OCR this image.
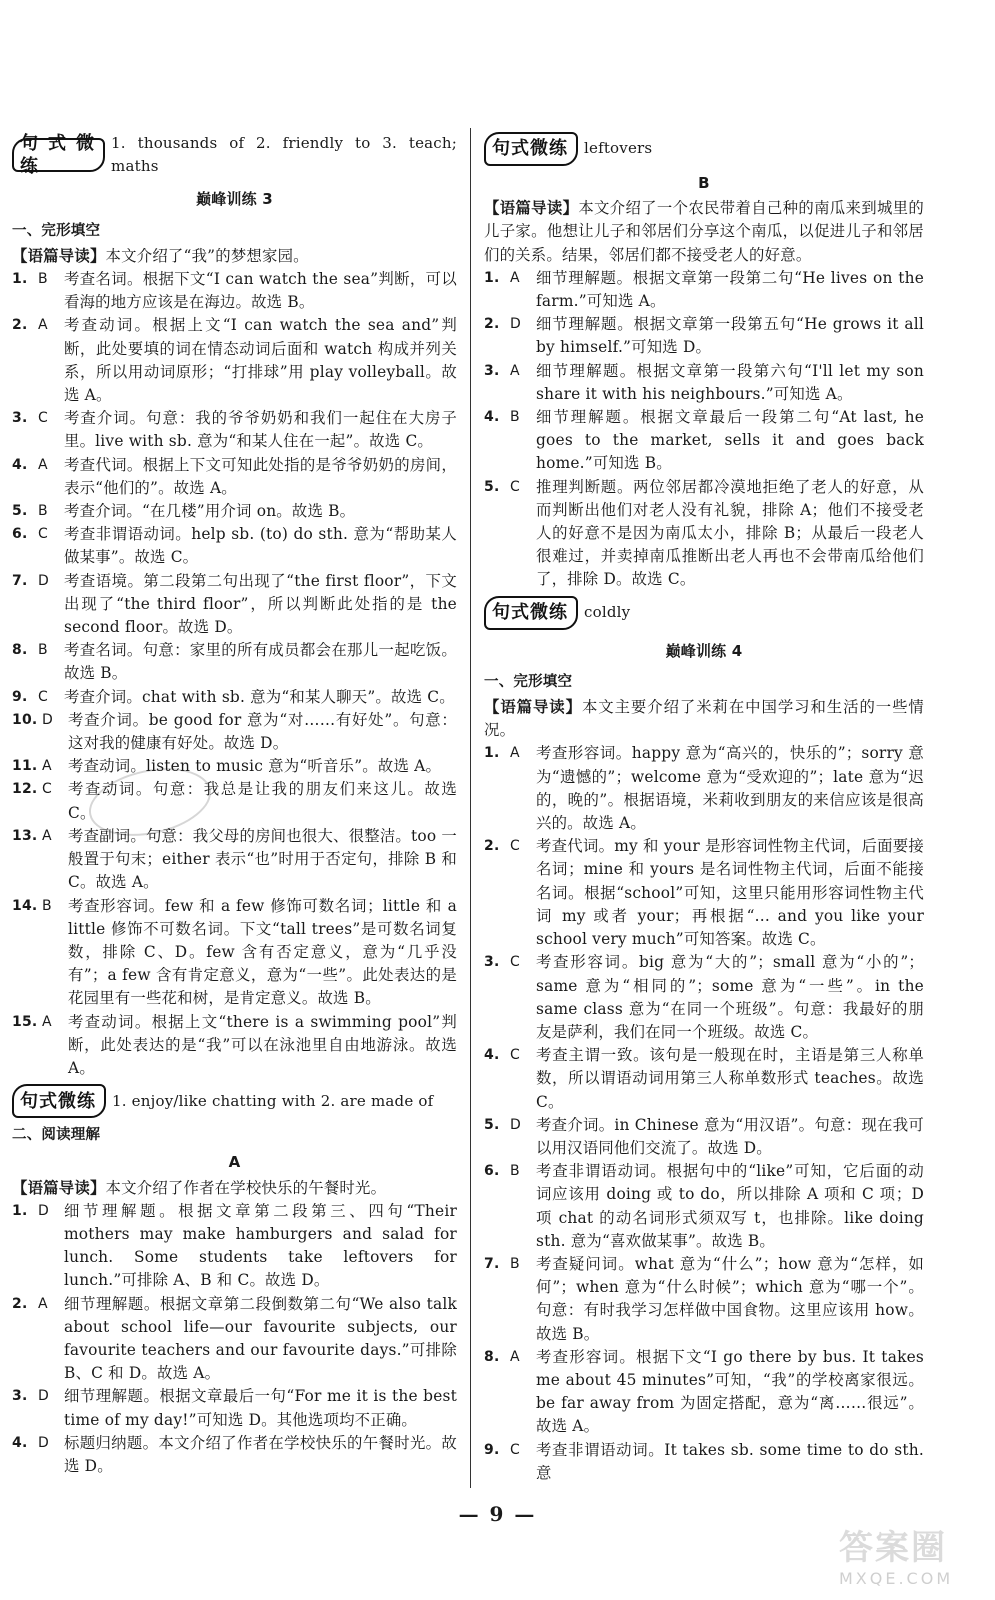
句式微练
1. thousands of 2. friendly to 3. teach; maths
巅峰训练 3
一、完形填空
【语篇导读】本文介绍了“我”的梦想家园。
1. B	考查名词。根据下文“I can watch the sea”判断，可以看海的地方应该是在海边。故选 B。
2. A	考查动词。根据上文“I can watch the sea and”判断，此处要填的词在情态动词后面和 watch 构成并列关系，所以用动词原形；“打排球”用 play volleyball。故选 A。
3. C	考查介词。句意：我的爷爷奶奶和我们一起住在大房子里。live with sb. 意为“和某人住在一起”。故选 C。
4. A	考查代词。根据上下文可知此处指的是爷爷奶奶的房间，表示“他们的”。故选 A。
5. B	考查介词。“在几楼”用介词 on。故选 B。
6. C	考查非谓语动词。help sb. (to) do sth. 意为“帮助某人做某事”。故选 C。
7. D 考查语境。第二段第二句出现了“the first floor”，下文出现了“the third floor”，所以判断此处指的是 the second floor。故选 D。
8. B	考查名词。句意：家里的所有成员都会在那儿一起吃饭。故选 B。
9. C	考查介词。chat with sb. 意为“和某人聊天”。故选 C。
10. D 考查介词。be good for 意为“对……有好处”。句意：这对我的健康有好处。故选 D。
11. A	考查动词。listen to music 意为“听音乐”。故选 A。
12. C	考查动词。句意：我总是让我的朋友们来这儿。故选 C。
13. A	考查副词。句意：我父母的房间也很大、很整洁。too 一般置于句末；either 表示“也”时用于否定句，排除 B 和 C。故选 A。
14. B	考查形容词。few 和 a few 修饰可数名词；little 和 a little 修饰不可数名词。下文“tall trees”是可数名词复数，排除 C、D。few 含有否定意义，意为“几乎没有”；a few 含有肯定意义，意为“一些”。此处表达的是花园里有一些花和树，是肯定意义。故选 B。
15. A	考查动词。根据上文“there is a swimming pool”判断，此处表达的是“我”可以在泳池里自由地游泳。故选 A。
句式微练	1. enjoy/like chatting with 2. are made of
二、阅读理解
A
【语篇导读】本文介绍了作者在学校快乐的午餐时光。
1. D 细节理解题。根据文章第二段第三、四句“Their mothers may make hamburgers and salad for lunch. Some students take leftovers for lunch.”可排除 A、B 和 C。故选 D。
2. A	细节理解题。根据文章第二段倒数第二句“We also talk about school life—our favourite subjects, our favourite teachers and our favourite days.”可排除 B、C 和 D。故选 A。
3. D 细节理解题。根据文章最后一句“For me it is the best time of my day!”可知选 D。其他选项均不正确。
4. D 标题归纳题。本文介绍了作者在学校快乐的午餐时光。故选 D。
句式微练	leftovers
B
【语篇导读】本文介绍了一个农民带着自己种的南瓜来到城里的儿子家。他想让儿子和邻居们分享这个南瓜，以促进儿子和邻居们的关系。结果，邻居们都不接受老人的好意。
1. A	细节理解题。根据文章第一段第二句“He lives on the farm.”可知选 A。
2. D 细节理解题。根据文章第一段第五句“He grows it all by himself.”可知选 D。
3. A	细节理解题。根据文章第一段第六句“I'll let my son share it with his neighbours.”可知选 A。
4. B	细节理解题。根据文章最后一段第二句“At last, he goes to the market, sells it and goes back home.”可知选 B。
5. C	推理判断题。两位邻居都冷漠地拒绝了老人的好意，从而判断出他们对老人没有礼貌，排除 A；他们不接受老人的好意不是因为南瓜太小，排除 B；从最后一段老人很难过，并卖掉南瓜推断出老人再也不会带南瓜给他们了，排除 D。故选 C。
句式微练	coldly
巅峰训练 4
一、完形填空
【语篇导读】本文主要介绍了米莉在中国学习和生活的一些情况。
1. A	考查形容词。happy 意为“高兴的，快乐的”；sorry 意为“遗憾的”；welcome 意为“受欢迎的”；late 意为“迟的，晚的”。根据语境，米莉收到朋友的来信应该是很高兴的。故选 A。
2. C	考查代词。my 和 your 是形容词性物主代词，后面要接名词；mine 和 yours 是名词性物主代词，后面不能接名词。根据“school”可知，这里只能用形容词性物主代词 my 或者 your；再根据“... and you like your school very much”可知答案。故选 C。
3. C	考查形容词。big 意为“大的”；small 意为“小的”；same 意为“相同的”；some 意为“一些”。in the same class 意为“在同一个班级”。句意：我最好的朋友是萨利，我们在同一个班级。故选 C。
4. C	考查主谓一致。该句是一般现在时，主语是第三人称单数，所以谓语动词用第三人称单数形式 teaches。故选 C。
5. D 考查介词。in Chinese 意为“用汉语”。句意：现在我可以用汉语同他们交流了。故选 D。
6. B	考查非谓语动词。根据句中的“like”可知，它后面的动词应该用 doing 或 to do，所以排除 A 项和 C 项；D 项 chat 的动名词形式须双写 t，也排除。like doing sth. 意为“喜欢做某事”。故选 B。
7. B	考查疑问词。what 意为“什么”；how 意为“怎样，如何”；when 意为“什么时候”；which 意为“哪一个”。句意：有时我学习怎样做中国食物。这里应该用 how。故选 B。
8. A	考查形容词。根据下文“I go there by bus. It takes me about 45 minutes”可知，“我”的学校离家很远。be far away from 为固定搭配，意为“离……很远”。故选 A。
9. C	考查非谓语动词。It takes sb. some time to do sth. 意
— 9 —
答案圈
MXQE.COM
